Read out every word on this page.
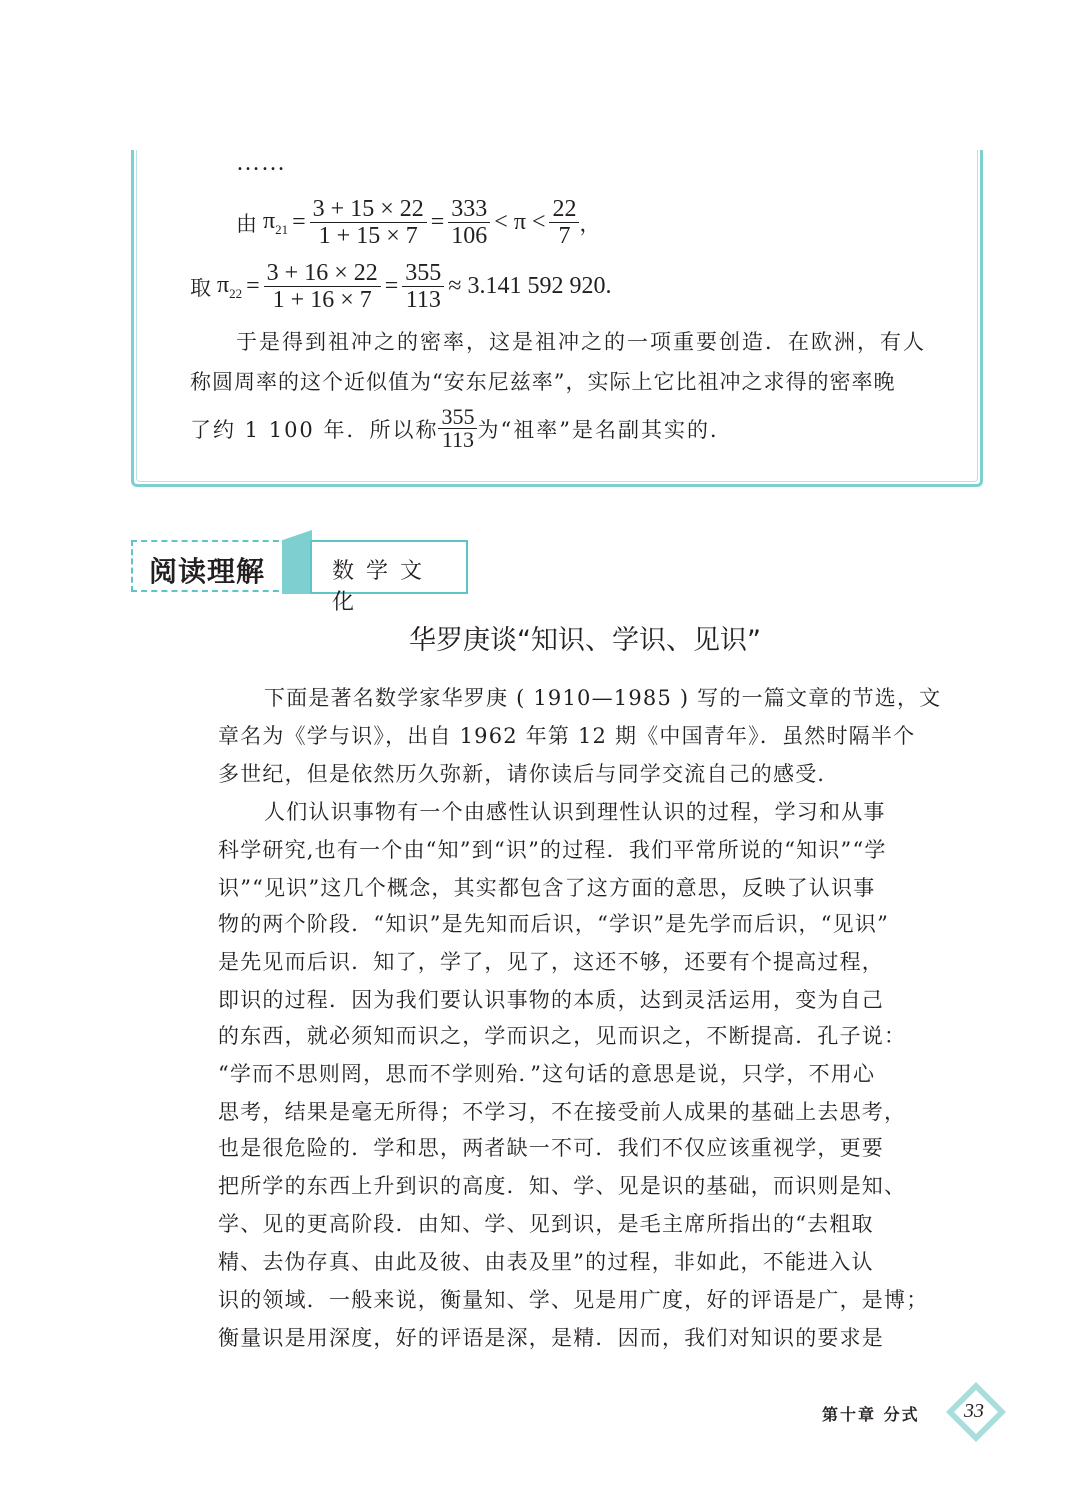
……
由 $\pi_{21} = \frac{3 + 15 \times 22}{1 + 15 \times 7} = \frac{333}{106} < \pi < \frac{22}{7}$ ，
取 $\pi_{22} = \frac{3 + 16 \times 22}{1 + 16 \times 7} = \frac{355}{113} \approx 3.141$ 592 920.
于是得到祖冲之的密率，这是祖冲之的一项重要创造．在欧洲，有人
称圆周率的这个近似值为“安东尼兹率”，实际上它比祖冲之求得的密率晚
了约 1 100 年．所以称 $\frac{355}{113}$ 为“祖率”是名副其实的．
阅读理解	数学文化
华罗庚谈“知识、学识、见识”
下面是著名数学家华罗庚 ( 1910—1985 ) 写的一篇文章的节选，文
章名为《学与识》，出自 1962 年第 12 期《中国青年》．虽然时隔半个
多世纪，但是依然历久弥新，请你读后与同学交流自己的感受．
人们认识事物有一个由感性认识到理性认识的过程，学习和从事
科学研究,也有一个由“知”到“识”的过程．我们平常所说的“知识”“学
识”“见识”这几个概念，其实都包含了这方面的意思，反映了认识事
物的两个阶段．“知识”是先知而后识，“学识”是先学而后识，“见识”
是先见而后识．知了，学了，见了，这还不够，还要有个提高过程，
即识的过程．因为我们要认识事物的本质，达到灵活运用，变为自己
的东西，就必须知而识之，学而识之，见而识之，不断提高．孔子说：
“学而不思则罔，思而不学则殆．”这句话的意思是说，只学，不用心
思考，结果是毫无所得；不学习，不在接受前人成果的基础上去思考，
也是很危险的．学和思，两者缺一不可．我们不仅应该重视学，更要
把所学的东西上升到识的高度．知、学、见是识的基础，而识则是知、
学、见的更高阶段．由知、学、见到识，是毛主席所指出的“去粗取
精、去伪存真、由此及彼、由表及里”的过程，非如此，不能进入认
识的领域．一般来说，衡量知、学、见是用广度，好的评语是广，是博；
衡量识是用深度，好的评语是深，是精．因而，我们对知识的要求是
第十章 分式	33
